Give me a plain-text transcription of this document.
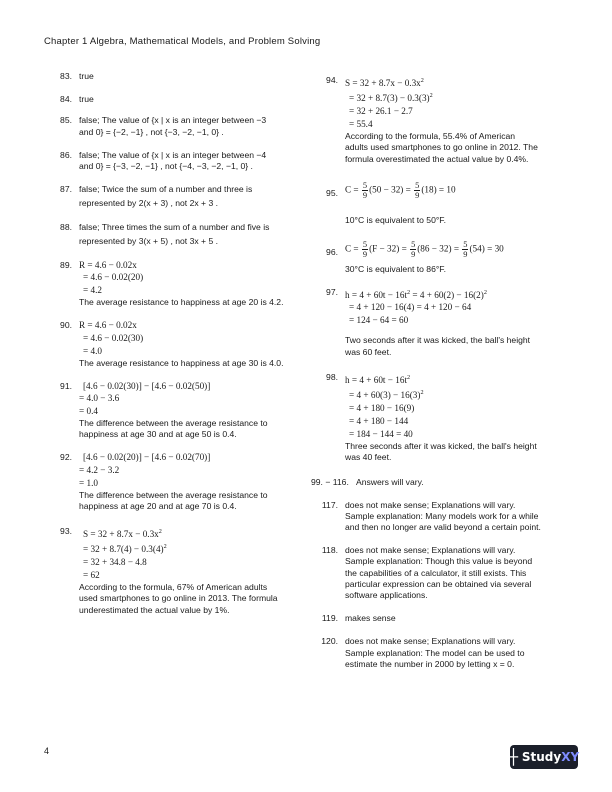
Chapter 1 Algebra, Mathematical Models, and Problem Solving
83. true
84. true
85. false; The value of {x | x is an integer between −3
and 0} = {−2, −1} , not {−3, −2, −1, 0} .
86. false; The value of {x | x is an integer between −4
and 0} = {−3, −2, −1} , not {−4, −3, −2, −1, 0} .
87. false; Twice the sum of a number and three is
represented by 2(x + 3) , not 2x + 3 .
88. false; Three times the sum of a number and five is
represented by 3(x + 5) , not 3x + 5 .
89. R = 4.6 − 0.02x
= 4.6 − 0.02(20)
= 4.2
The average resistance to happiness at age 20 is 4.2.
90. R = 4.6 − 0.02x
= 4.6 − 0.02(30)
= 4.0
The average resistance to happiness at age 30 is 4.0.
91. [4.6 − 0.02(30)] − [4.6 − 0.02(50)]
= 4.0 − 3.6
= 0.4
The difference between the average resistance to
happiness at age 30 and at age 50 is 0.4.
92. [4.6 − 0.02(20)] − [4.6 − 0.02(70)]
= 4.2 − 3.2
= 1.0
The difference between the average resistance to
happiness at age 20 and at age 70 is 0.4.
93. $S = 32 + 8.7x - 0.3x^2$
= $32 + 8.7(4) - 0.3(4)^2$
= 32 + 34.8 − 4.8
= 62
According to the formula, 67% of American adults
used smartphones to go online in 2013. The formula
underestimated the actual value by 1%.
94. $S = 32 + 8.7x - 0.3x^2$
= $32 + 8.7(3) - 0.3(3)^2$
= 32 + 26.1 − 2.7
= 55.4
According to the formula, 55.4% of American
adults used smartphones to go online in 2012. The
formula overestimated the actual value by 0.4%.
95. $C = \frac{5}{9} (50 - 32) = \frac{5}{9} (18) = 10$
10°C is equivalent to 50°F.
96. $C = \frac{5}{9} (F - 32) = \frac{5}{9} (86 - 32) = \frac{5}{9} (54) = 30$
30°C is equivalent to 86°F.
97. $h = 4 + 60t - 16t^2 = 4 + 60(2) - 16(2)^2$
= 4 + 120 − 16(4) = 4 + 120 − 64
= 124 − 64 = 60
Two seconds after it was kicked, the ball's height
was 60 feet.
98. $h = 4 + 60t - 16t^2$
= $4 + 60(3) - 16(3)^2$
= 4 + 180 − 16(9)
= 4 + 180 − 144
= 184 − 144 = 40
Three seconds after it was kicked, the ball's height
was 40 feet.
99. − 116. Answers will vary.
117. does not make sense; Explanations will vary.
Sample explanation: Many models work for a while
and then no longer are valid beyond a certain point.
118. does not make sense; Explanations will vary.
Sample explanation: Though this value is beyond
the capabilities of a calculator, it still exists. This
particular expression can be obtained via several
software applications.
119. makes sense
120. does not make sense; Explanations will vary.
Sample explanation: The model can be used to
estimate the number in 2000 by letting x = 0.
4	┼ Study XY
